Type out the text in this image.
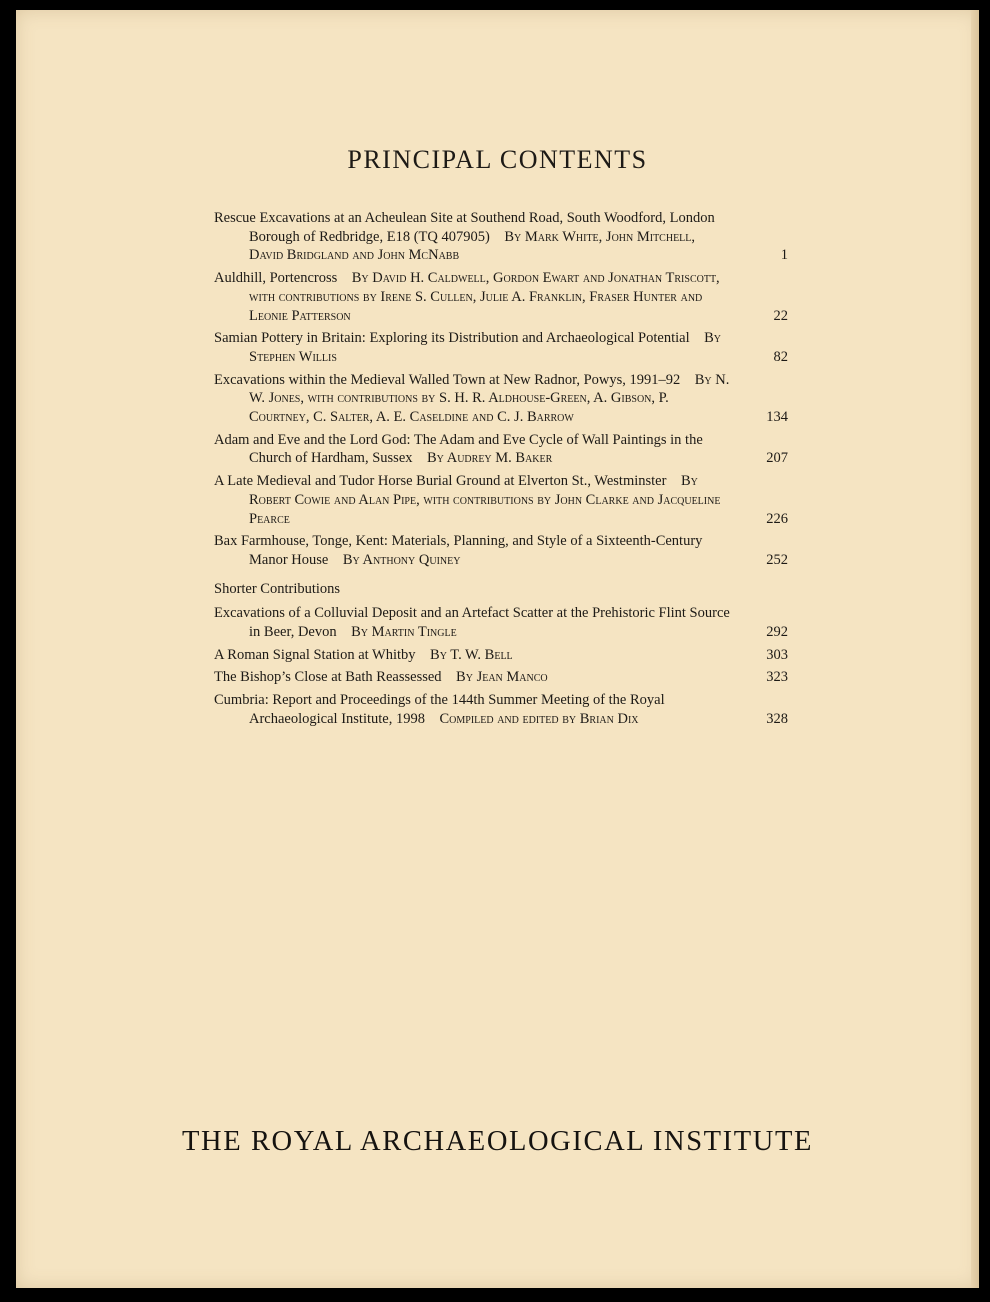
PRINCIPAL CONTENTS
Rescue Excavations at an Acheulean Site at Southend Road, South Woodford, London Borough of Redbridge, E18 (TQ 407905)  By Mark White, John Mitchell, David Bridgland and John McNabb	1
Auldhill, Portencross  By David H. Caldwell, Gordon Ewart and Jonathan Triscott, with contributions by Irene S. Cullen, Julie A. Franklin, Fraser Hunter and Leonie Patterson	22
Samian Pottery in Britain: Exploring its Distribution and Archaeological Potential  By Stephen Willis	82
Excavations within the Medieval Walled Town at New Radnor, Powys, 1991–92  By N. W. Jones, with contributions by S. H. R. Aldhouse-Green, A. Gibson, P. Courtney, C. Salter, A. E. Caseldine and C. J. Barrow	134
Adam and Eve and the Lord God: The Adam and Eve Cycle of Wall Paintings in the Church of Hardham, Sussex  By Audrey M. Baker	207
A Late Medieval and Tudor Horse Burial Ground at Elverton St., Westminster  By Robert Cowie and Alan Pipe, with contributions by John Clarke and Jacqueline Pearce	226
Bax Farmhouse, Tonge, Kent: Materials, Planning, and Style of a Sixteenth-Century Manor House  By Anthony Quiney	252
Shorter Contributions
Excavations of a Colluvial Deposit and an Artefact Scatter at the Prehistoric Flint Source in Beer, Devon  By Martin Tingle	292
A Roman Signal Station at Whitby  By T. W. Bell	303
The Bishop’s Close at Bath Reassessed  By Jean Manco	323
Cumbria: Report and Proceedings of the 144th Summer Meeting of the Royal Archaeological Institute, 1998  Compiled and edited by Brian Dix	328
THE ROYAL ARCHAEOLOGICAL INSTITUTE
